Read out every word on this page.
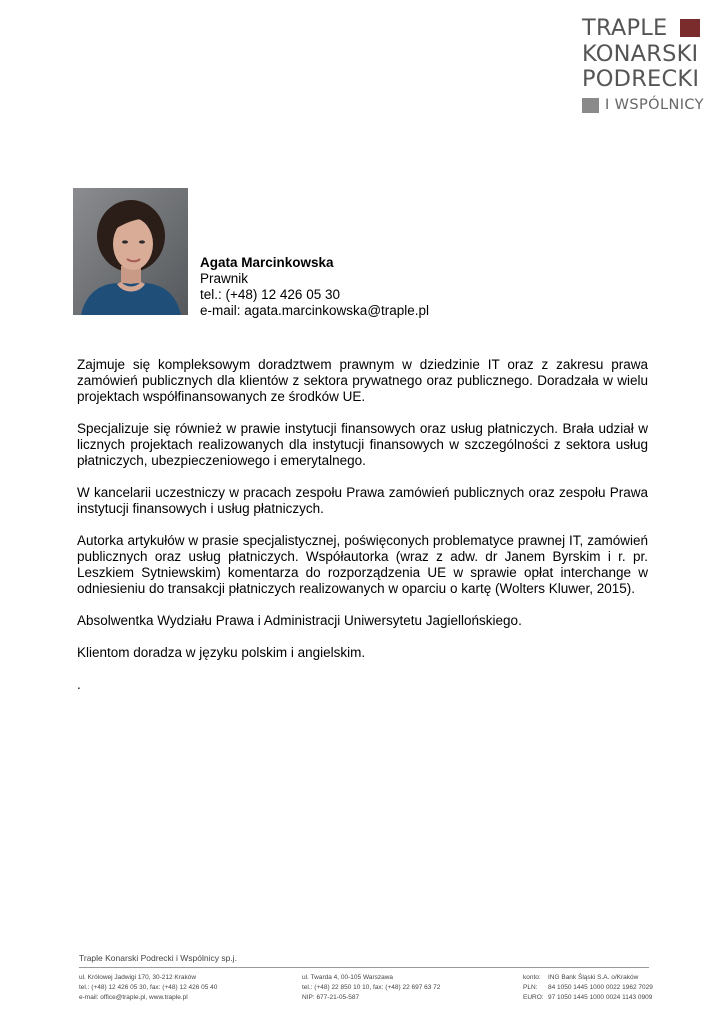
TRAPLE
KONARSKI
PODRECKI
I WSPÓLNICY
Agata Marcinkowska
Prawnik
tel.: (+48) 12 426 05 30
e-mail: agata.marcinkowska@traple.pl

Zajmuje się kompleksowym doradztwem prawnym w dziedzinie IT oraz z zakresu prawa zamówień publicznych dla klientów z sektora prywatnego oraz publicznego. Doradzała w wielu projektach współfinansowanych ze środków UE.

Specjalizuje się również w prawie instytucji finansowych oraz usług płatniczych. Brała udział w licznych projektach realizowanych dla instytucji finansowych w szczególności z sektora usług płatniczych, ubezpieczeniowego i emerytalnego.

W kancelarii uczestniczy w pracach zespołu Prawa zamówień publicznych oraz zespołu Prawa instytucji finansowych i usług płatniczych.

Autorka artykułów w prasie specjalistycznej, poświęconych problematyce prawnej IT, zamówień publicznych oraz usług płatniczych. Współautorka (wraz z adw. dr Janem Byrskim i r. pr. Leszkiem Sytniewskim) komentarza do rozporządzenia UE w sprawie opłat interchange w odniesieniu do transakcji płatniczych realizowanych w oparciu o kartę (Wolters Kluwer, 2015).

Absolwentka Wydziału Prawa i Administracji Uniwersytetu Jagiellońskiego.

Klientom doradza w języku polskim i angielskim.

.

Traple Konarski Podrecki i Wspólnicy sp.j.
ul. Królowej Jadwigi 170, 30-212 Kraków
tel.: (+48) 12 426 05 30, fax: (+48) 12 426 05 40
e-mail: office@traple.pl, www.traple.pl
ul. Twarda 4, 00-105 Warszawa
tel.: (+48) 22 850 10 10, fax: (+48) 22 697 63 72
NIP: 677-21-05-587
konto:	ING Bank Śląski S.A. o/Kraków
PLN:	84 1050 1445 1000 0022 1962 7029
EURO: 97 1050 1445 1000 0024 1143 0909
